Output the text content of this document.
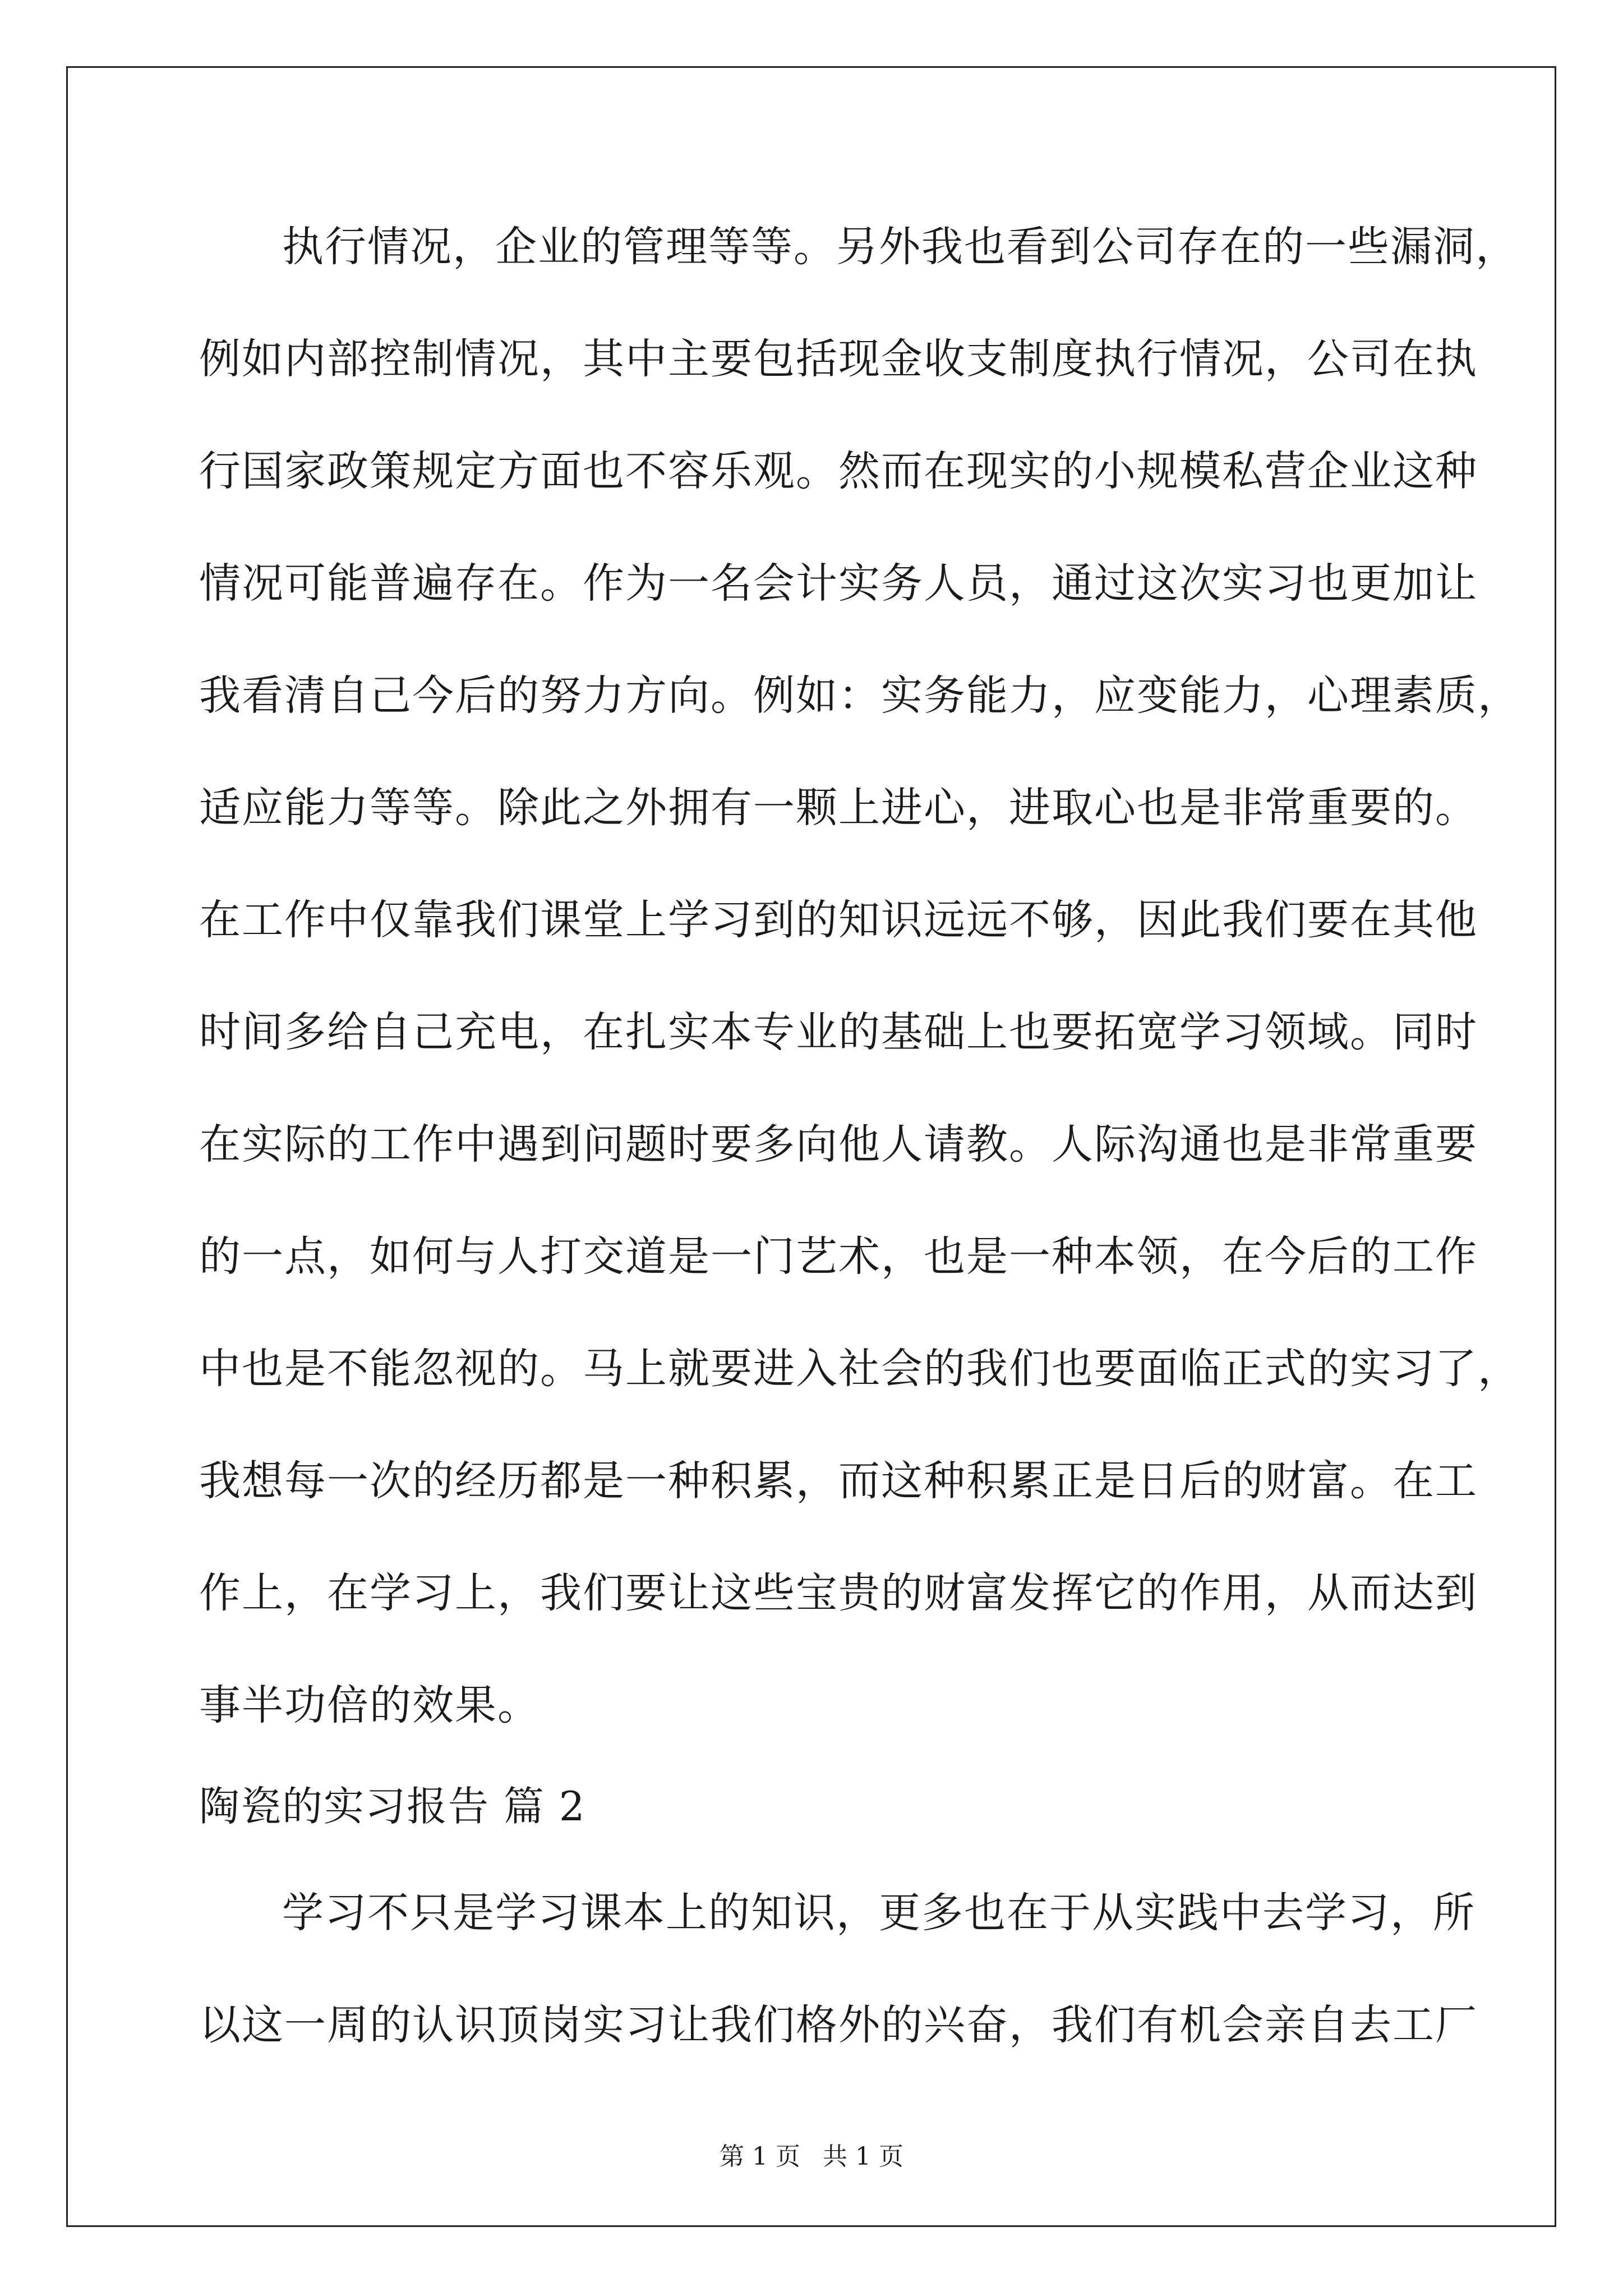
执行情况，企业的管理等等。另外我也看到公司存在的一些漏洞，
例如内部控制情况，其中主要包括现金收支制度执行情况，公司在执
行国家政策规定方面也不容乐观。然而在现实的小规模私营企业这种
情况可能普遍存在。作为一名会计实务人员，通过这次实习也更加让
我看清自己今后的努力方向。例如：实务能力，应变能力，心理素质，
适应能力等等。除此之外拥有一颗上进心，进取心也是非常重要的。
在工作中仅靠我们课堂上学习到的知识远远不够，因此我们要在其他
时间多给自己充电，在扎实本专业的基础上也要拓宽学习领域。同时
在实际的工作中遇到问题时要多向他人请教。人际沟通也是非常重要
的一点，如何与人打交道是一门艺术，也是一种本领，在今后的工作
中也是不能忽视的。马上就要进入社会的我们也要面临正式的实习了，
我想每一次的经历都是一种积累，而这种积累正是日后的财富。在工
作上，在学习上，我们要让这些宝贵的财富发挥它的作用，从而达到
事半功倍的效果。
陶瓷的实习报告 篇 2
学习不只是学习课本上的知识，更多也在于从实践中去学习，所
以这一周的认识顶岗实习让我们格外的兴奋，我们有机会亲自去工厂
第 1 页 共 1 页
